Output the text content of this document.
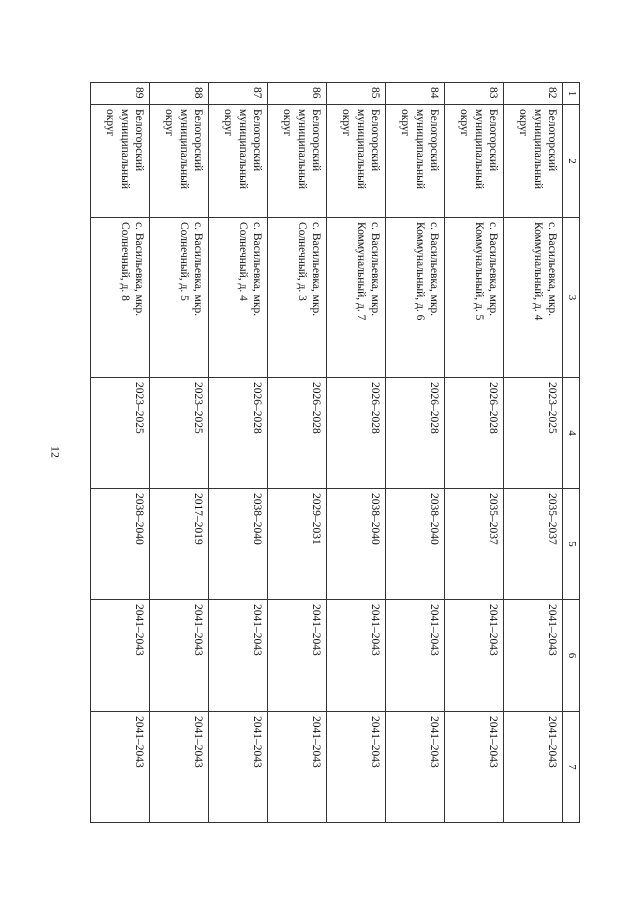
12
1	2	3	4	5	6	7
82	Белогорский муниципальный округ	с. Васильевка, мкр. Коммунальный, д. 4	2023–2025	2035–2037	2041–2043	2041–2043
83	Белогорский муниципальный округ	с. Васильевка, мкр. Коммунальный, д. 5	2026–2028	2035–2037	2041–2043	2041–2043
84	Белогорский муниципальный округ	с. Васильевка, мкр. Коммунальный, д. 6	2026–2028	2038–2040	2041–2043	2041–2043
85	Белогорский муниципальный округ	с. Васильевка, мкр. Коммунальный, д. 7	2026–2028	2038–2040	2041–2043	2041–2043
86	Белогорский муниципальный округ	с. Васильевка, мкр. Солнечный, д. 3	2026–2028	2029–2031	2041–2043	2041–2043
87	Белогорский муниципальный округ	с. Васильевка, мкр. Солнечный, д. 4	2026–2028	2038–2040	2041–2043	2041–2043
88	Белогорский муниципальный округ	с. Васильевка, мкр. Солнечный, д. 5	2023–2025	2017–2019	2041–2043	2041–2043
89	Белогорский муниципальный округ	с. Васильевка, мкр. Солнечный, д. 8	2023–2025	2038–2040	2041–2043	2041–2043
